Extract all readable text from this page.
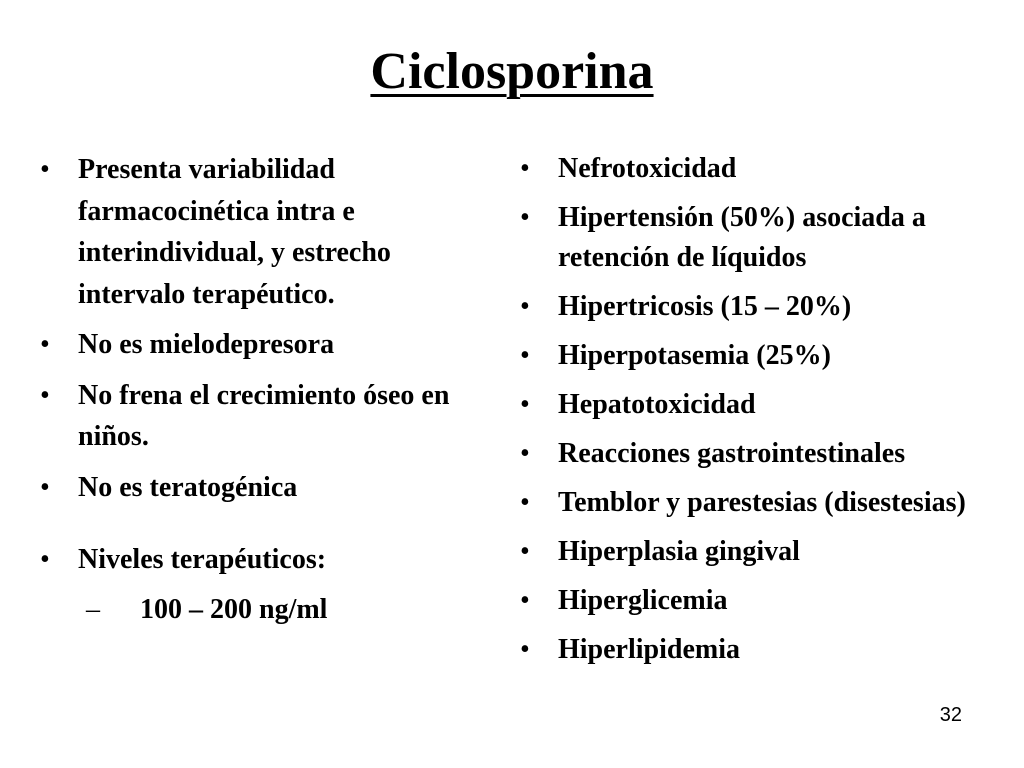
Ciclosporina
•	Presenta variabilidad farmacocinética intra e interindividual, y estrecho intervalo terapéutico.
•	No es mielodepresora
•	No frena el crecimiento óseo en niños.
•	No es teratogénica
•	Niveles terapéuticos:
– 100 – 200 ng/ml
•	Nefrotoxicidad
•	Hipertensión (50%) asociada a retención de líquidos
•	Hipertricosis (15 – 20%)
•	Hiperpotasemia (25%)
•	Hepatotoxicidad
•	Reacciones gastrointestinales
•	Temblor y parestesias (disestesias)
•	Hiperplasia gingival
•	Hiperglicemia
•	Hiperlipidemia
32
